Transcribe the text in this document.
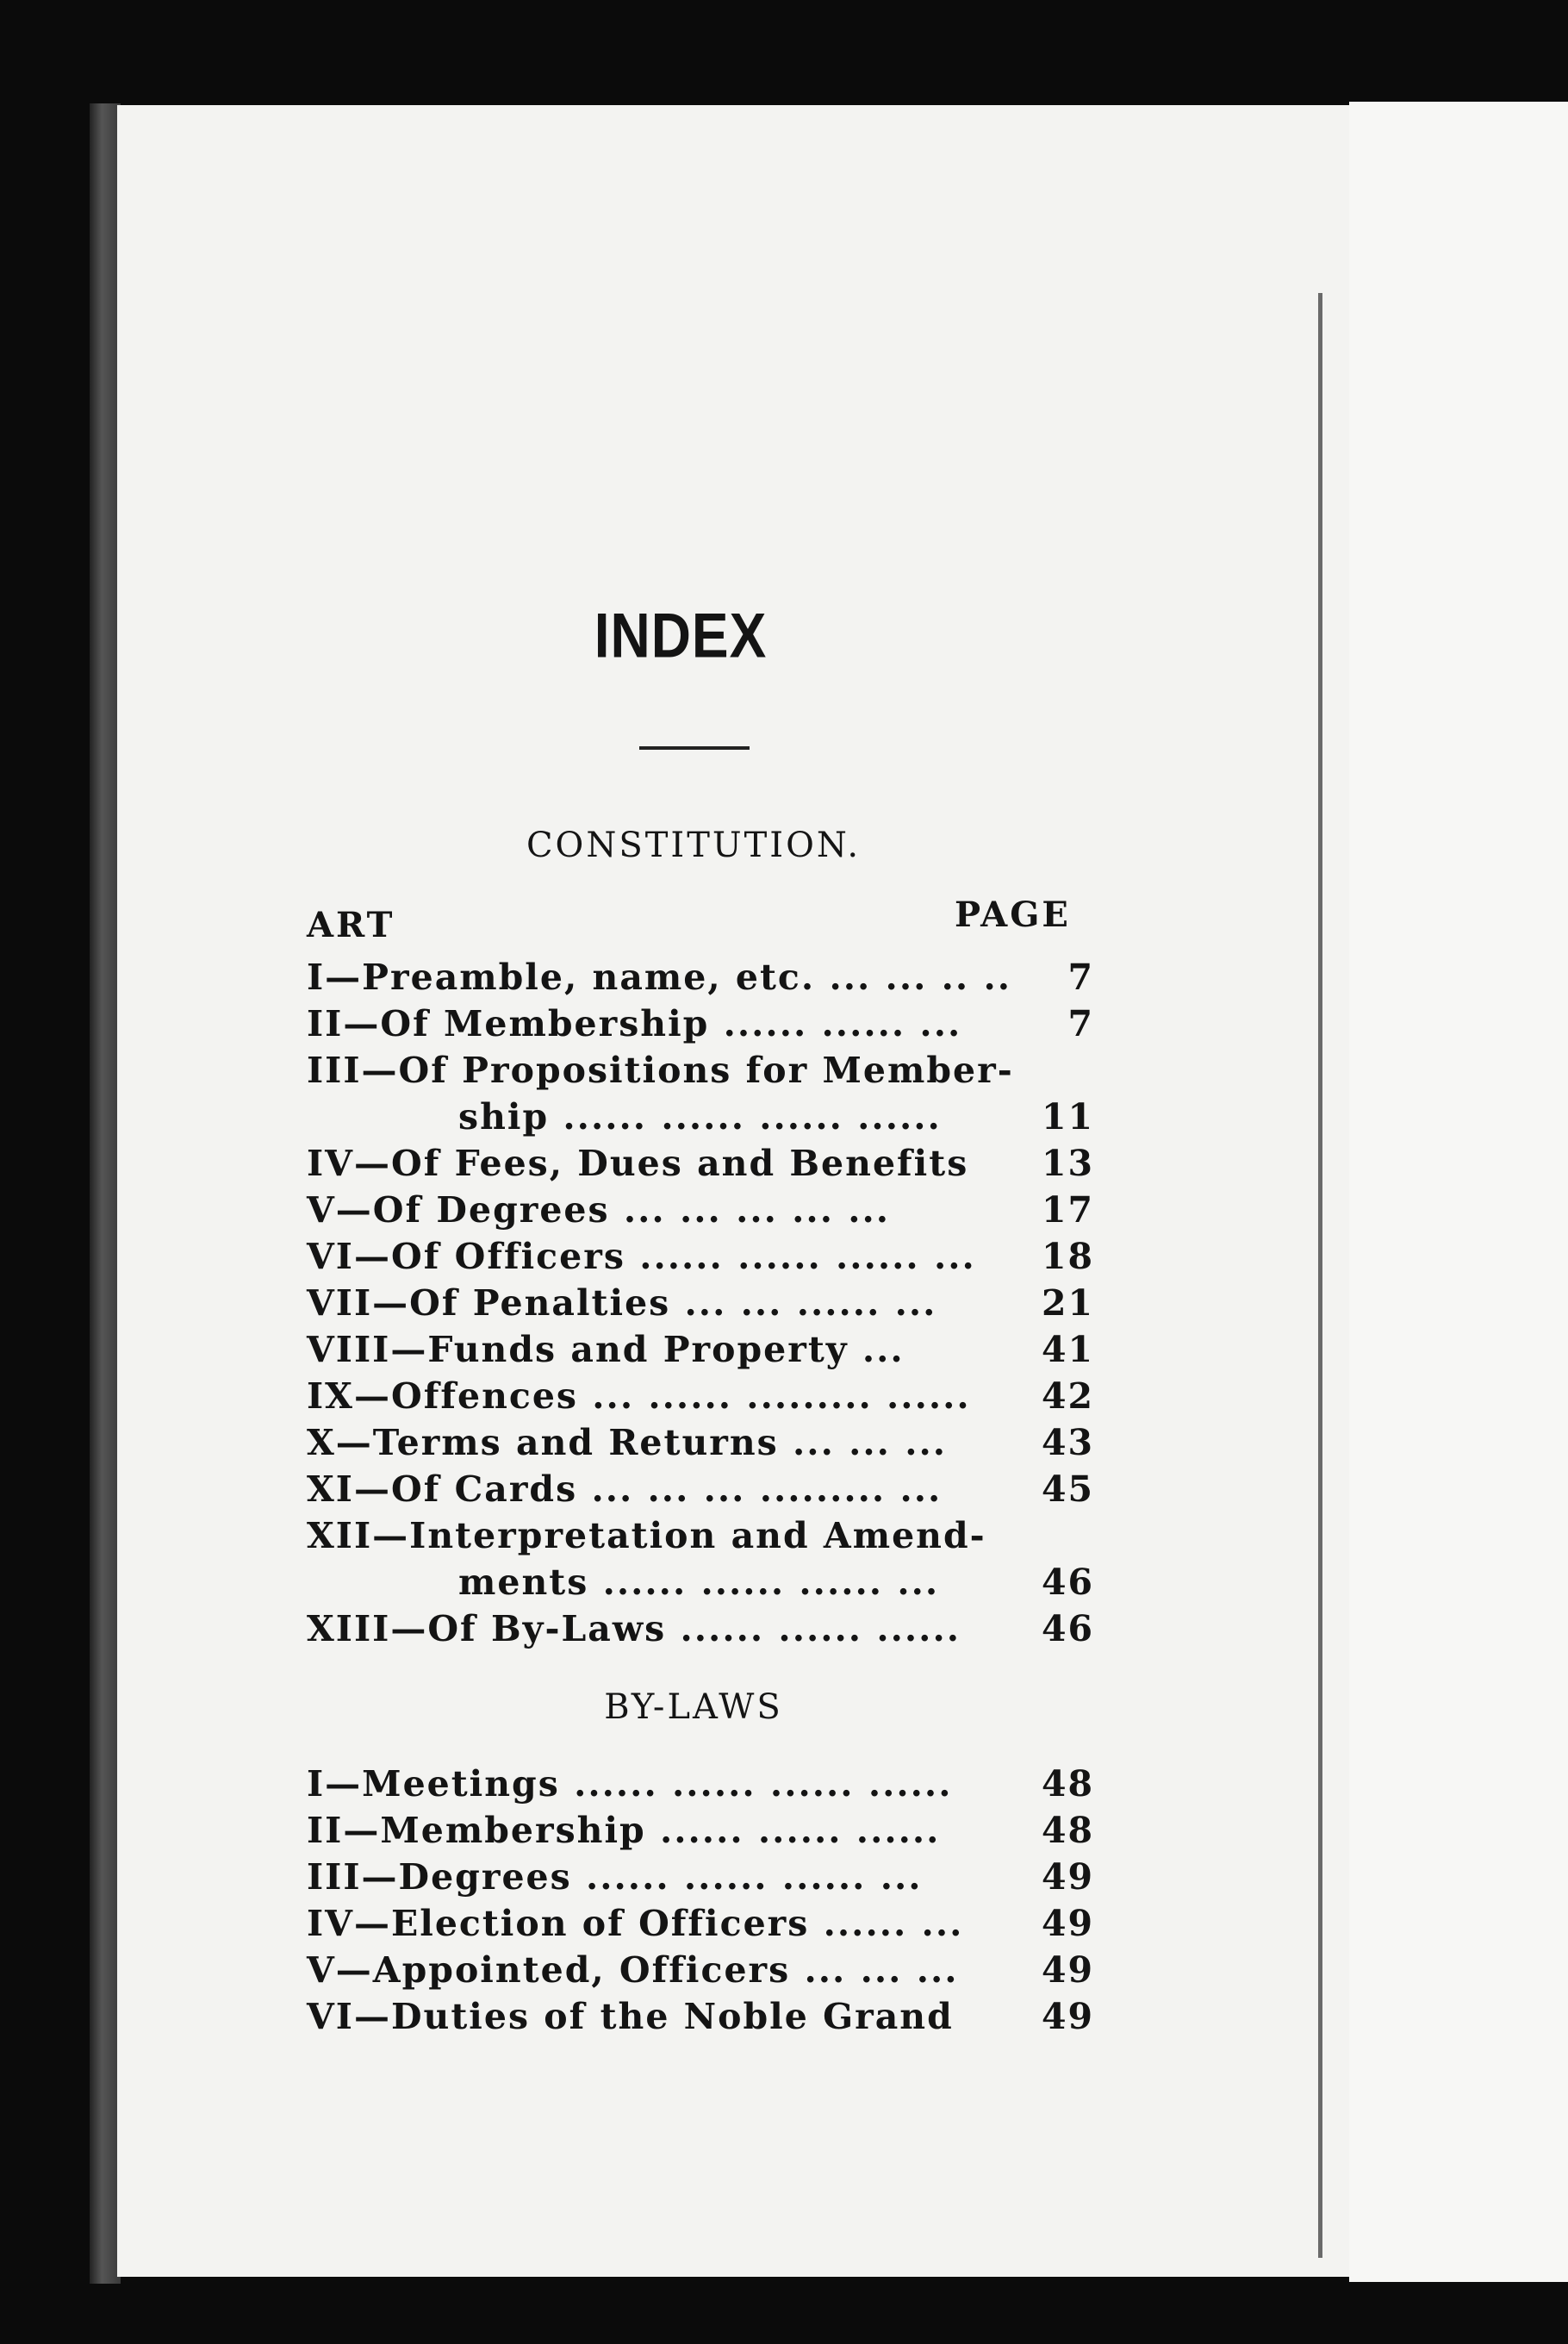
INDEX
CONSTITUTION.
ART	PAGE
I—Preamble, name, etc. ... ... .. .. 7
II—Of Membership ...... ...... ...	7
III—Of Propositions for Member-
ship ...... ...... ...... ......	11
IV—Of Fees, Dues and Benefits 13
V—Of Degrees ... ... ... ... ...	17
VI—Of Officers ...... ...... ...... ... 18
VII—Of Penalties ... ... ...... ...	21
VIII—Funds and Property ...	41
IX—Offences ... ...... ......... ...... 42
X—Terms and Returns ... ... ...	43
XI—Of Cards ... ... ... ......... ...	45
XII—Interpretation and Amend-
ments ...... ...... ...... ...	46
XIII—Of By-Laws ...... ...... ...... 46
BY-LAWS
I—Meetings ...... ...... ...... ......	48
II—Membership ...... ...... ......	48
III—Degrees ...... ...... ...... ...	49
IV—Election of Officers ...... ... 49
V—Appointed, Officers ... ... ... 49
VI—Duties of the Noble Grand 49
